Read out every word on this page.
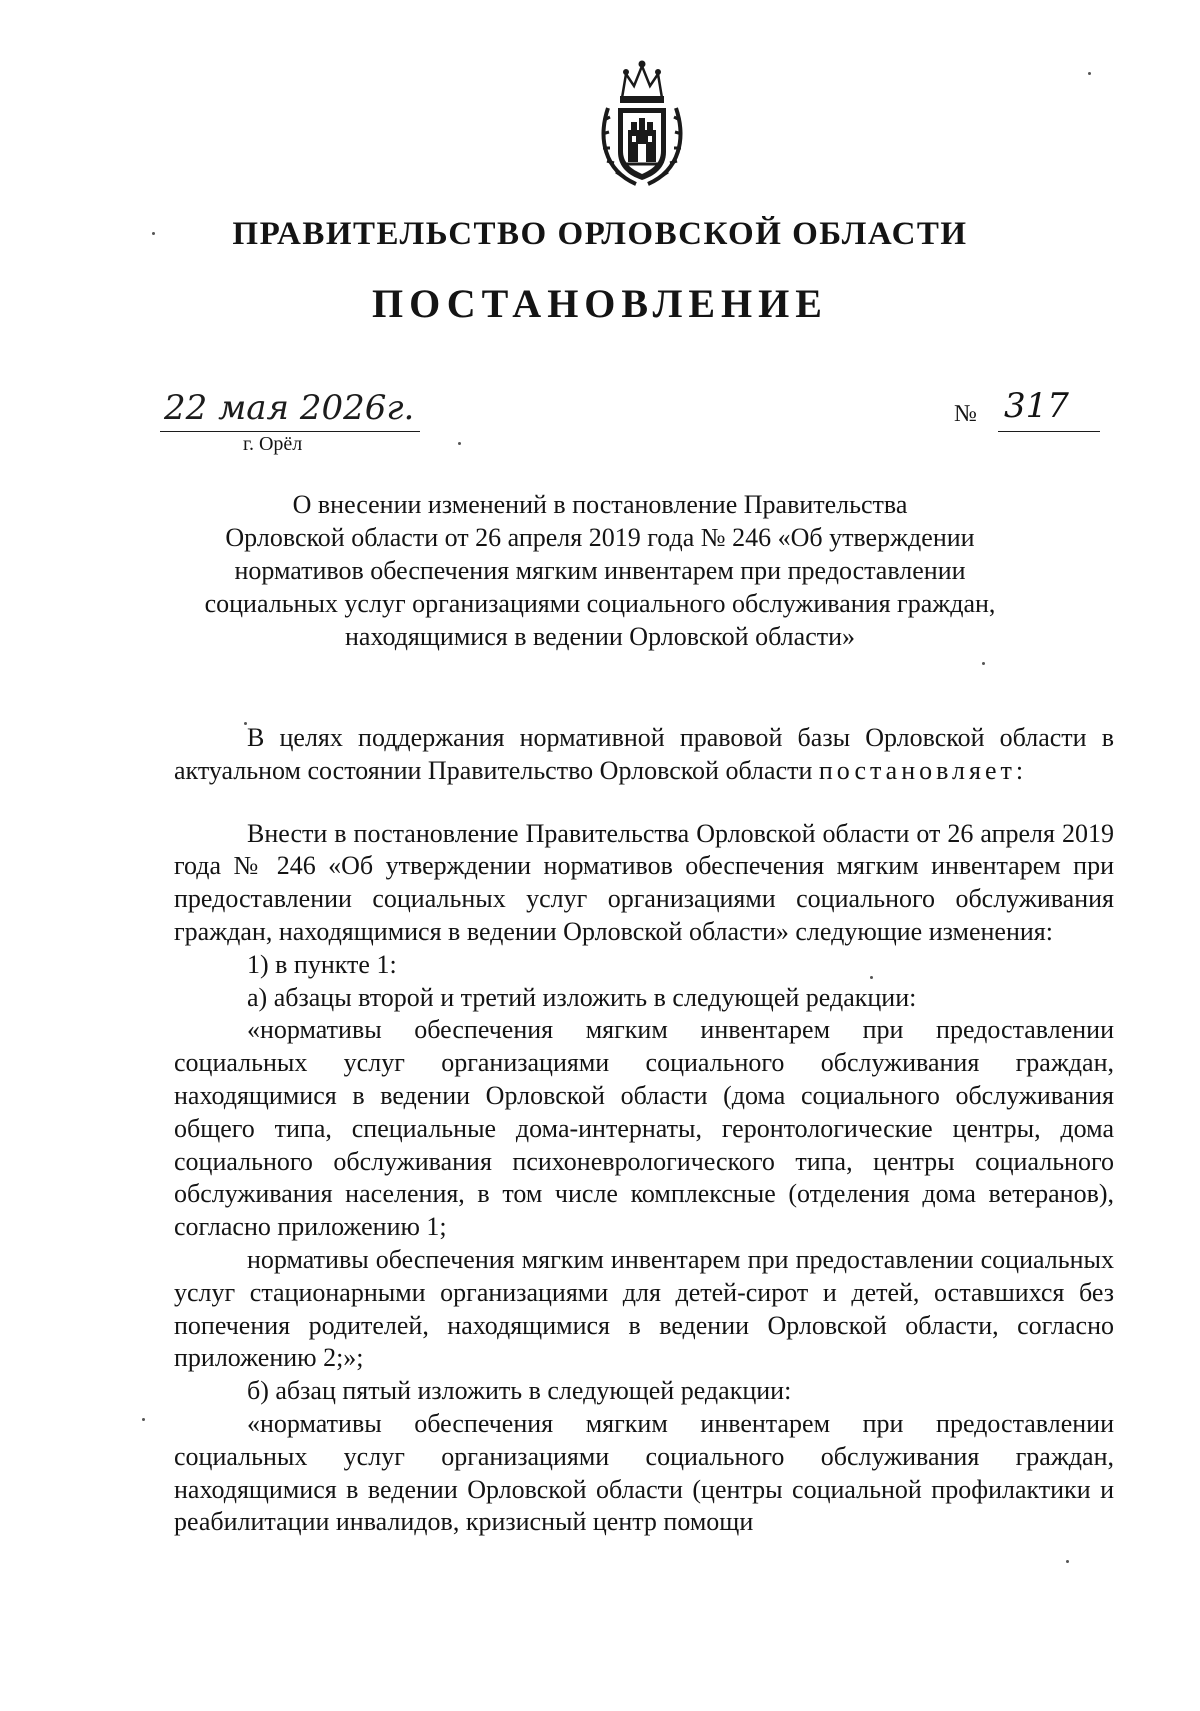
ПРАВИТЕЛЬСТВО ОРЛОВСКОЙ ОБЛАСТИ
ПОСТАНОВЛЕНИЕ
22 мая 2026г.
г. Орёл
№ 317
О внесении изменений в постановление Правительства
Орловской области от 26 апреля 2019 года № 246 «Об утверждении
нормативов обеспечения мягким инвентарем при предоставлении
социальных услуг организациями социального обслуживания граждан,
находящимися в ведении Орловской области»
В целях поддержания нормативной правовой базы Орловской области в актуальном состоянии Правительство Орловской области постановляет:
Внести в постановление Правительства Орловской области от 26 апреля 2019 года № 246 «Об утверждении нормативов обеспечения мягким инвентарем при предоставлении социальных услуг организациями социального обслуживания граждан, находящимися в ведении Орловской области» следующие изменения:
1) в пункте 1:
а) абзацы второй и третий изложить в следующей редакции:
«нормативы обеспечения мягким инвентарем при предоставлении социальных услуг организациями социального обслуживания граждан, находящимися в ведении Орловской области (дома социального обслуживания общего типа, специальные дома-интернаты, геронтологические центры, дома социального обслуживания психоневрологического типа, центры социального обслуживания населения, в том числе комплексные (отделения дома ветеранов), согласно приложению 1;
нормативы обеспечения мягким инвентарем при предоставлении социальных услуг стационарными организациями для детей-сирот и детей, оставшихся без попечения родителей, находящимися в ведении Орловской области, согласно приложению 2;»;
б) абзац пятый изложить в следующей редакции:
«нормативы обеспечения мягким инвентарем при предоставлении социальных услуг организациями социального обслуживания граждан, находящимися в ведении Орловской области (центры социальной профилактики и реабилитации инвалидов, кризисный центр помощи
